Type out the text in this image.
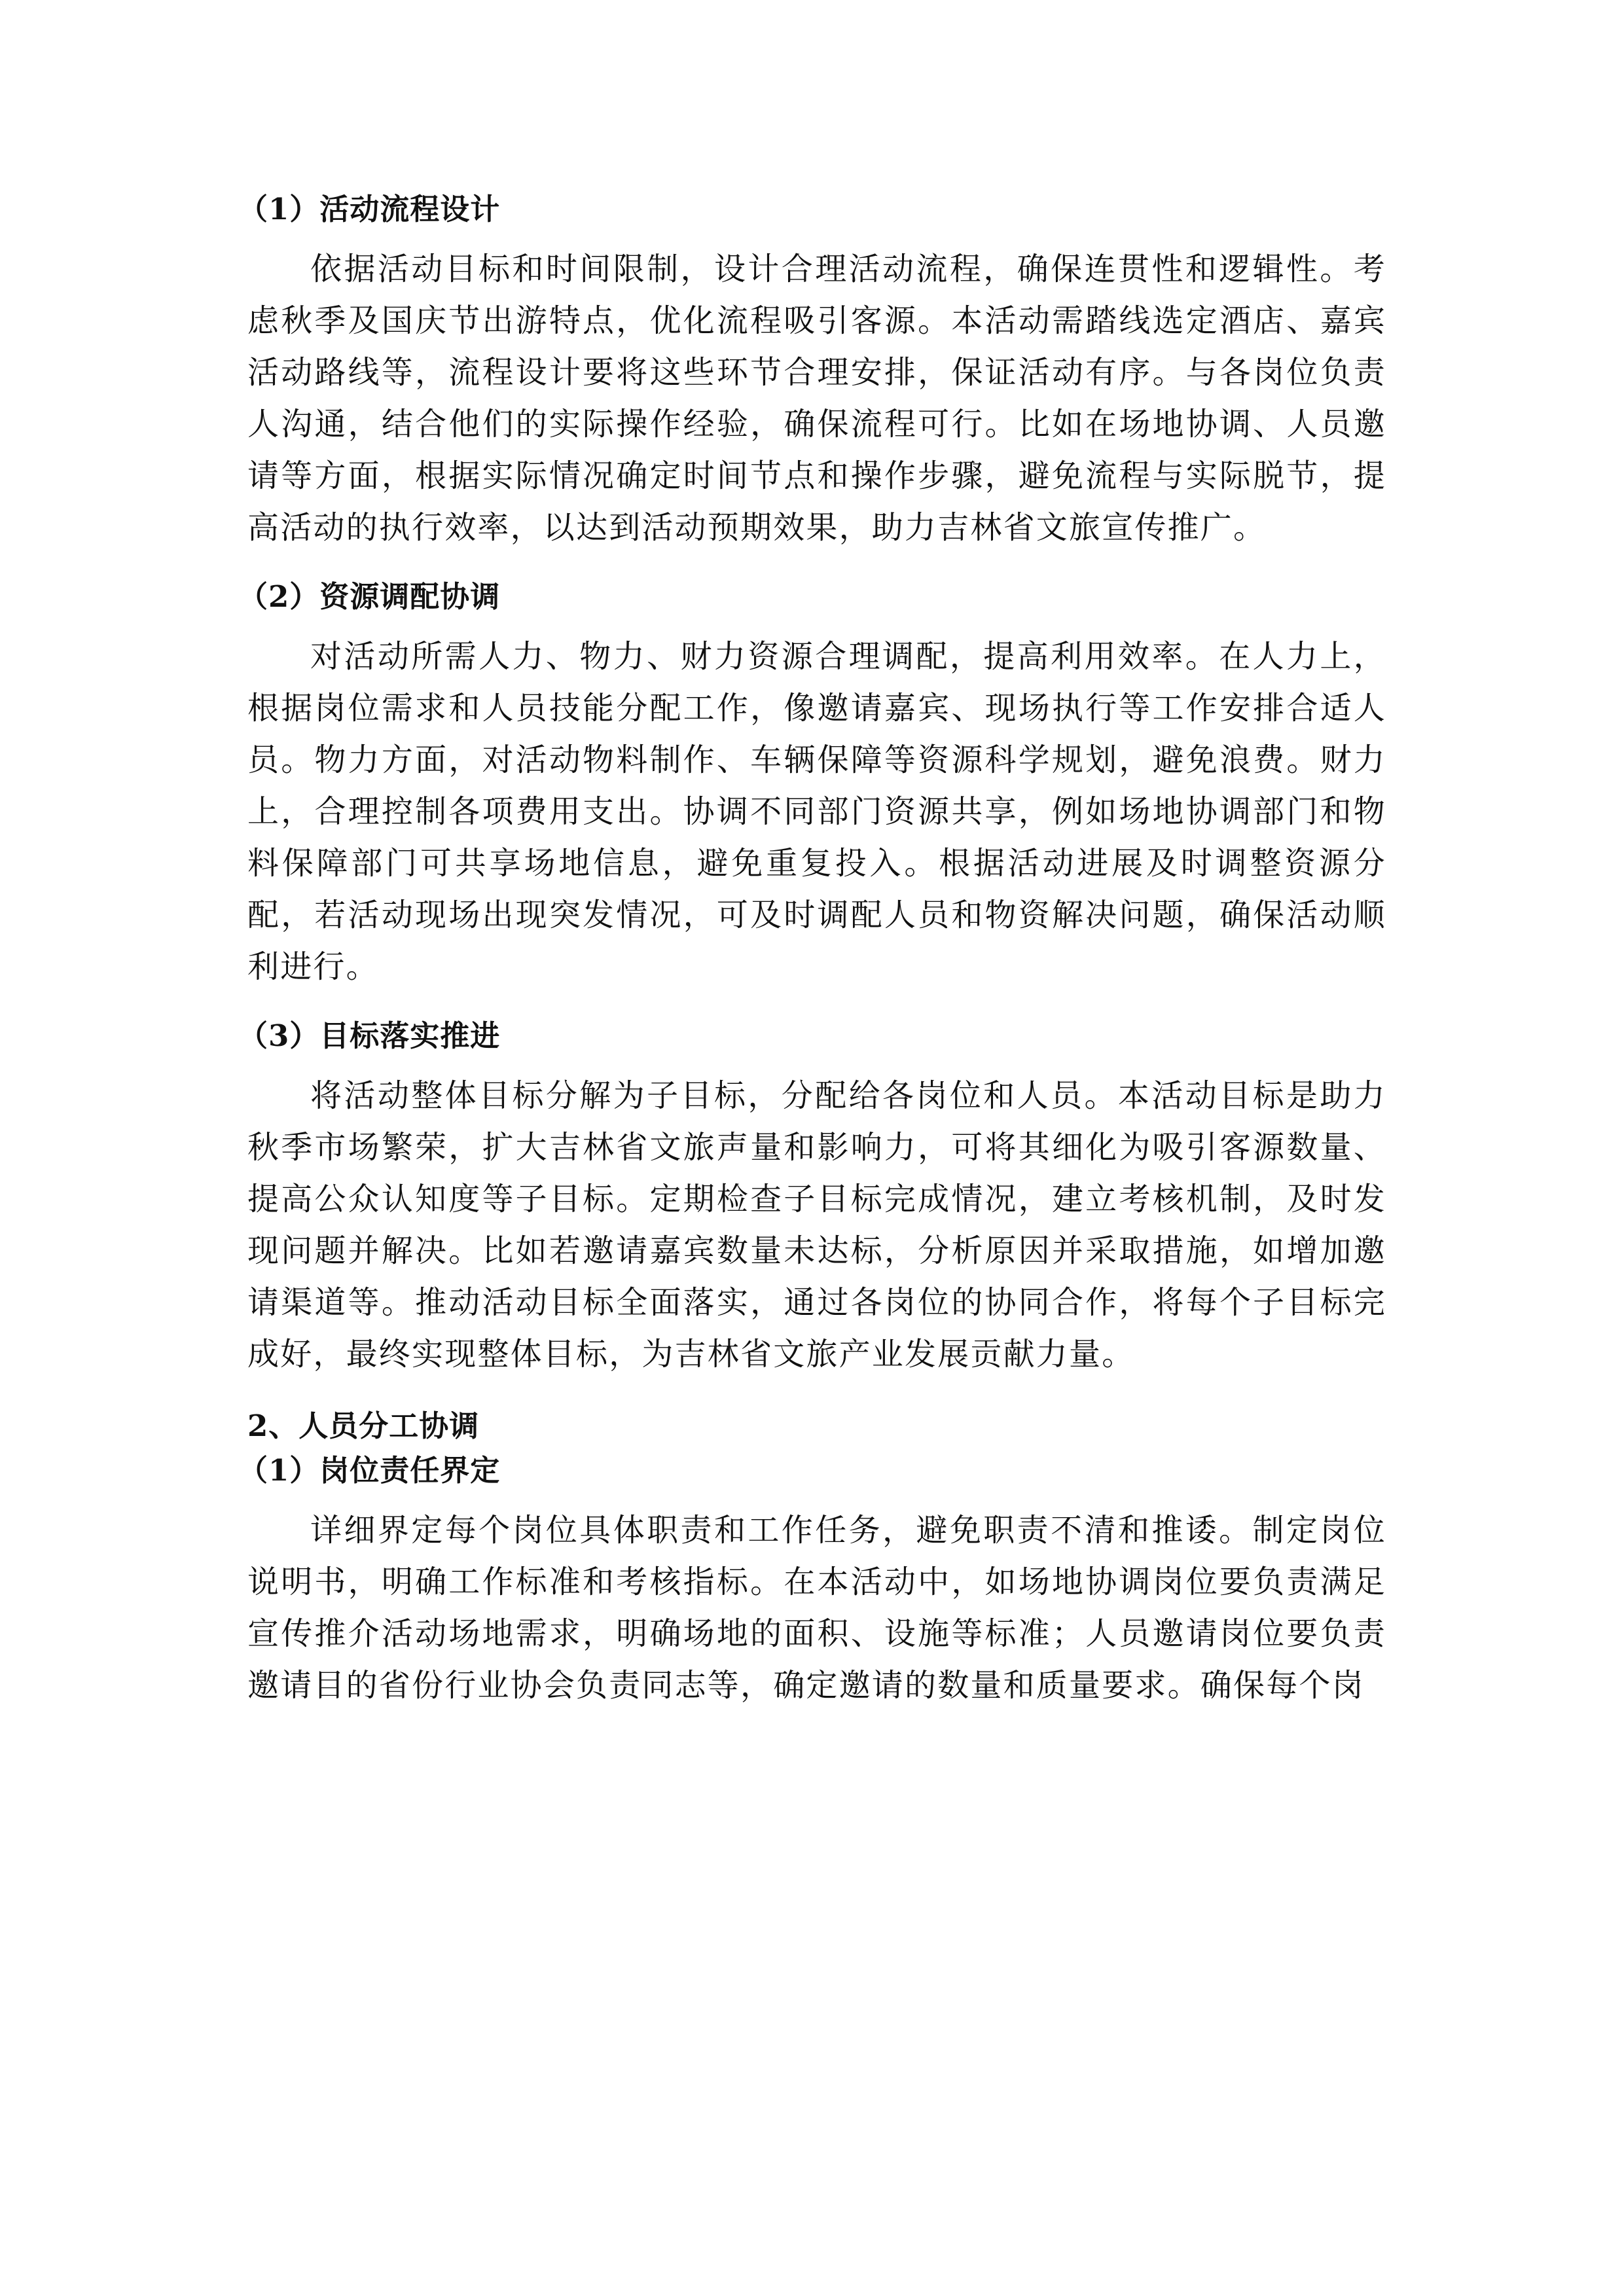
（1）活动流程设计

依据活动目标和时间限制，设计合理活动流程，确保连贯性和逻辑性。考虑秋季及国庆节出游特点，优化流程吸引客源。本活动需踏线选定酒店、嘉宾活动路线等，流程设计要将这些环节合理安排，保证活动有序。与各岗位负责人沟通，结合他们的实际操作经验，确保流程可行。比如在场地协调、人员邀请等方面，根据实际情况确定时间节点和操作步骤，避免流程与实际脱节，提高活动的执行效率，以达到活动预期效果，助力吉林省文旅宣传推广。

（2）资源调配协调

对活动所需人力、物力、财力资源合理调配，提高利用效率。在人力上，根据岗位需求和人员技能分配工作，像邀请嘉宾、现场执行等工作安排合适人员。物力方面，对活动物料制作、车辆保障等资源科学规划，避免浪费。财力上，合理控制各项费用支出。协调不同部门资源共享，例如场地协调部门和物料保障部门可共享场地信息，避免重复投入。根据活动进展及时调整资源分配，若活动现场出现突发情况，可及时调配人员和物资解决问题，确保活动顺利进行。

（3）目标落实推进

将活动整体目标分解为子目标，分配给各岗位和人员。本活动目标是助力秋季市场繁荣，扩大吉林省文旅声量和影响力，可将其细化为吸引客源数量、提高公众认知度等子目标。定期检查子目标完成情况，建立考核机制，及时发现问题并解决。比如若邀请嘉宾数量未达标，分析原因并采取措施，如增加邀请渠道等。推动活动目标全面落实，通过各岗位的协同合作，将每个子目标完成好，最终实现整体目标，为吉林省文旅产业发展贡献力量。

2、人员分工协调
（1）岗位责任界定

详细界定每个岗位具体职责和工作任务，避免职责不清和推诿。制定岗位说明书，明确工作标准和考核指标。在本活动中，如场地协调岗位要负责满足宣传推介活动场地需求，明确场地的面积、设施等标准；人员邀请岗位要负责邀请目的省份行业协会负责同志等，确定邀请的数量和质量要求。确保每个岗
